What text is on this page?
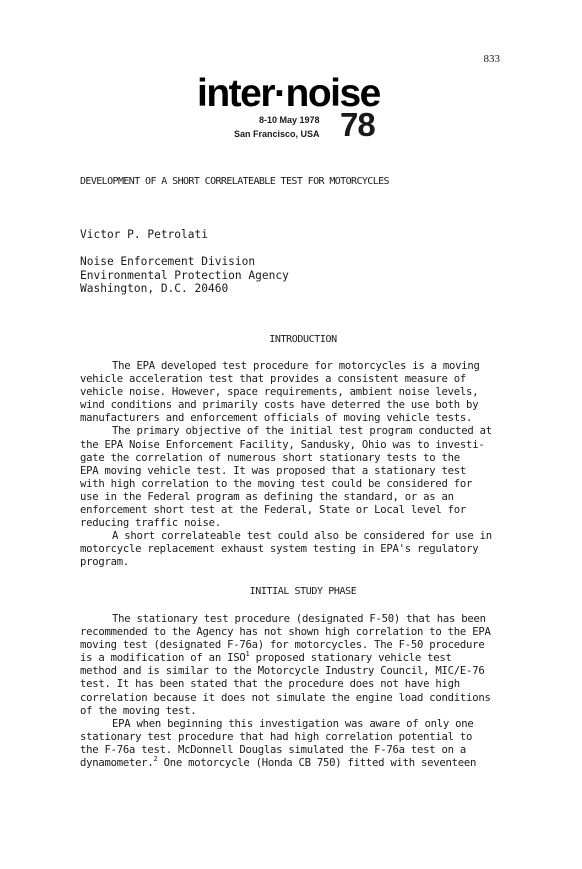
833
inter·noise
8-10 May 1978
San Francisco, USA 78
DEVELOPMENT OF A SHORT CORRELATEABLE TEST FOR MOTORCYCLES
Victor P. Petrolati
Noise Enforcement Division
Environmental Protection Agency
Washington, D.C. 20460
INTRODUCTION
The EPA developed test procedure for motorcycles is a moving
vehicle acceleration test that provides a consistent measure of
vehicle noise. However, space requirements, ambient noise levels,
wind conditions and primarily costs have deterred the use both by
manufacturers and enforcement officials of moving vehicle tests.
The primary objective of the initial test program conducted at
the EPA Noise Enforcement Facility, Sandusky, Ohio was to investi-
gate the correlation of numerous short stationary tests to the
EPA moving vehicle test. It was proposed that a stationary test
with high correlation to the moving test could be considered for
use in the Federal program as defining the standard, or as an
enforcement short test at the Federal, State or Local level for
reducing traffic noise.
A short correlateable test could also be considered for use in
motorcycle replacement exhaust system testing in EPA's regulatory
program.
INITIAL STUDY PHASE
The stationary test procedure (designated F-50) that has been
recommended to the Agency has not shown high correlation to the EPA
moving test (designated F-76a) for motorcycles. The F-50 procedure
is a modification of an ISO$^1$ proposed stationary vehicle test
method and is similar to the Motorcycle Industry Council, MIC/E-76
test. It has been stated that the procedure does not have high
correlation because it does not simulate the engine load conditions
of the moving test.
EPA when beginning this investigation was aware of only one
stationary test procedure that had high correlation potential to
the F-76a test. McDonnell Douglas simulated the F-76a test on a
dynamometer.$^2$ One motorcycle (Honda CB 750) fitted with seventeen
